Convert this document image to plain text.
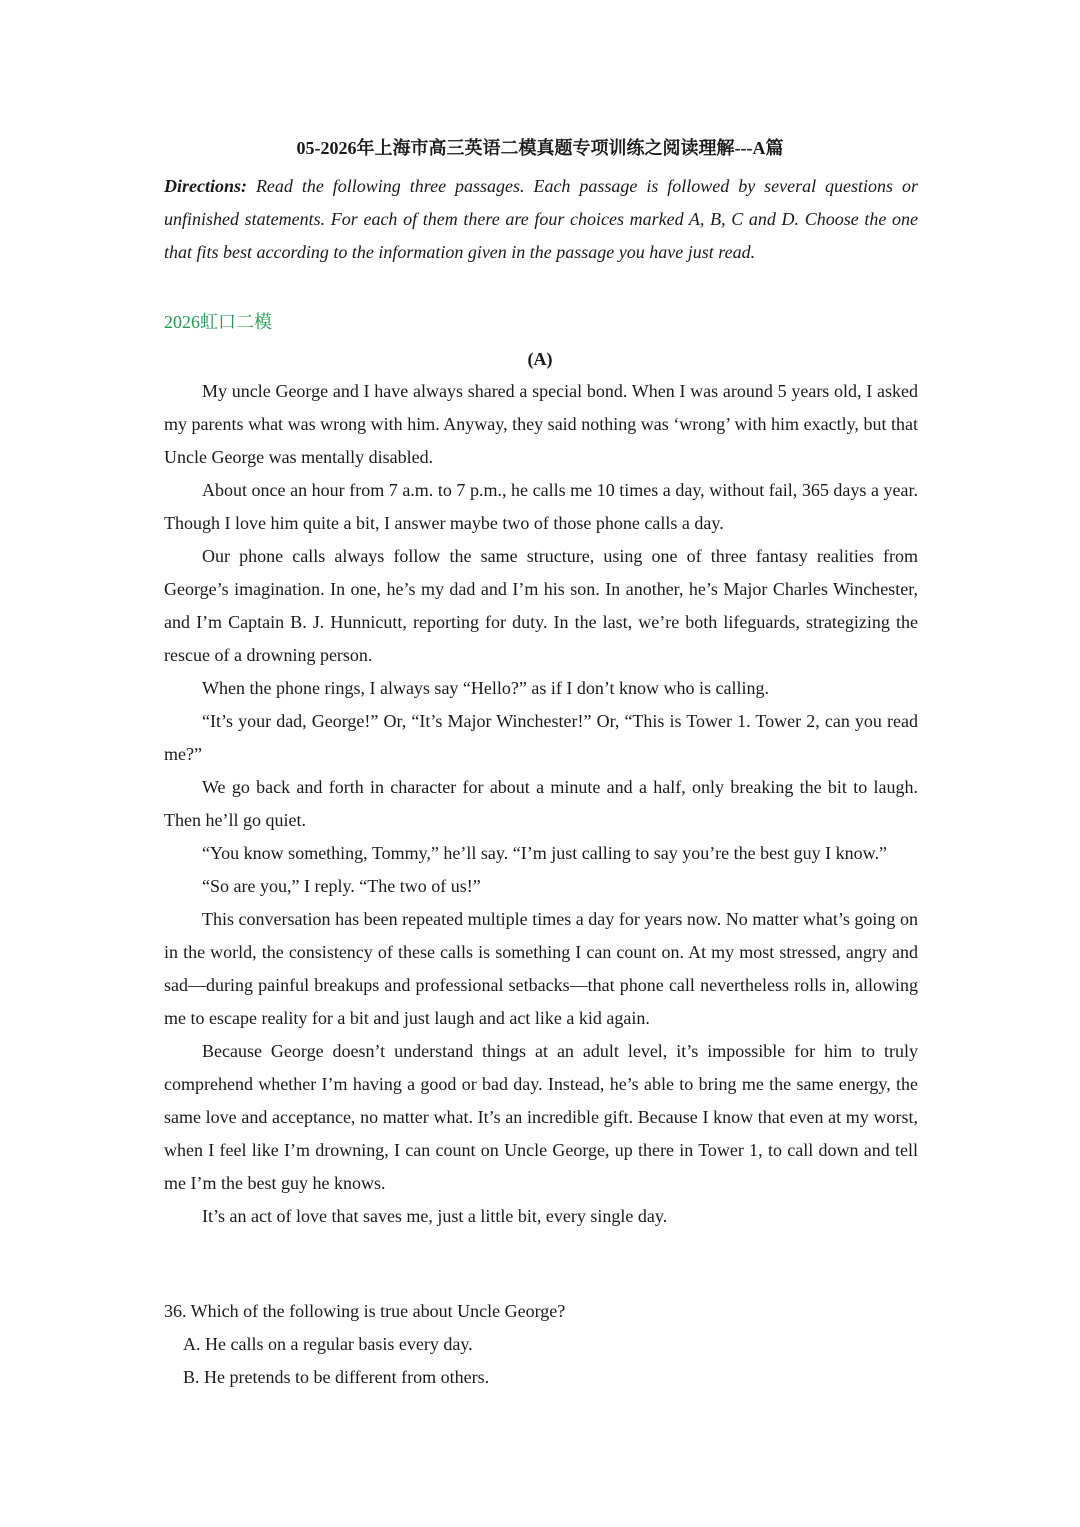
05-2026年上海市高三英语二模真题专项训练之阅读理解---A篇

Directions: Read the following three passages. Each passage is followed by several questions or unfinished statements. For each of them there are four choices marked A, B, C and D. Choose the one that fits best according to the information given in the passage you have just read.

2026虹口二模

(A)

My uncle George and I have always shared a special bond. When I was around 5 years old, I asked my parents what was wrong with him. Anyway, they said nothing was ‘wrong’ with him exactly, but that Uncle George was mentally disabled.

About once an hour from 7 a.m. to 7 p.m., he calls me 10 times a day, without fail, 365 days a year. Though I love him quite a bit, I answer maybe two of those phone calls a day.

Our phone calls always follow the same structure, using one of three fantasy realities from George’s imagination. In one, he’s my dad and I’m his son. In another, he’s Major Charles Winchester, and I’m Captain B. J. Hunnicutt, reporting for duty. In the last, we’re both lifeguards, strategizing the rescue of a drowning person.

When the phone rings, I always say “Hello?” as if I don’t know who is calling.

“It’s your dad, George!” Or, “It’s Major Winchester!” Or, “This is Tower 1. Tower 2, can you read me?”

We go back and forth in character for about a minute and a half, only breaking the bit to laugh. Then he’ll go quiet.

“You know something, Tommy,” he’ll say. “I’m just calling to say you’re the best guy I know.”

“So are you,” I reply. “The two of us!”

This conversation has been repeated multiple times a day for years now. No matter what’s going on in the world, the consistency of these calls is something I can count on. At my most stressed, angry and sad—during painful breakups and professional setbacks—that phone call nevertheless rolls in, allowing me to escape reality for a bit and just laugh and act like a kid again.

Because George doesn’t understand things at an adult level, it’s impossible for him to truly comprehend whether I’m having a good or bad day. Instead, he’s able to bring me the same energy, the same love and acceptance, no matter what. It’s an incredible gift. Because I know that even at my worst, when I feel like I’m drowning, I can count on Uncle George, up there in Tower 1, to call down and tell me I’m the best guy he knows.

It’s an act of love that saves me, just a little bit, every single day.

36. Which of the following is true about Uncle George?

A. He calls on a regular basis every day.

B. He pretends to be different from others.
